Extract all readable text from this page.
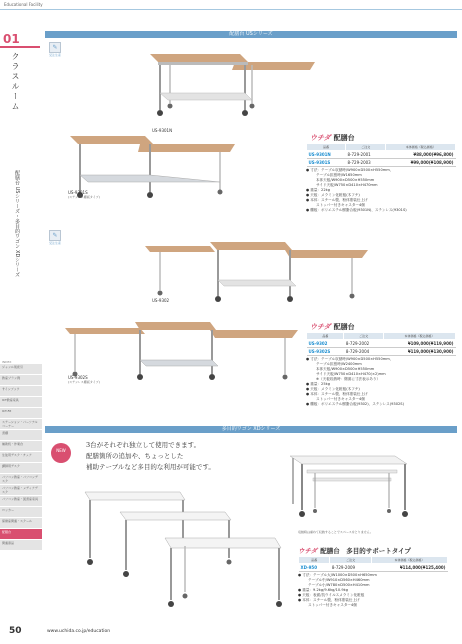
Educational Facility
01
クラスルーム
配膳台 USシリーズ・多目的ワゴン XDシリーズ
INDEX
ジャンル別索引
教室プラン例
サインブック
ICT教室家具
ICT-Fit
ステーション・パーソナルコーナー
書棚
補助机・作業台
生徒用デスク・チェア
講師用デスク
パソコン教室・パソコンデスク
パソコン教室・メディアデスク
パソコン教室・図書室家具
ロッカー
保健室関連・スクール
配膳台
関連商品
配膳台 USシリーズ
✎
受注生産
US-9301N
US-9301S
(ステンレス棚板タイプ)
ウチダ 配膳台
品番	ご注文	本体価格（税込価格）
US-9301N	8-729-2001	¥88,000(¥96,800)
US-9301S	8-729-2003	¥99,000(¥108,900)
● 寸法：テーブル収納時/W900×D500×H550mm、
テーブル拡張時/W1650mm
本体天板/W900×D500×H550mm
サイド天板/W750×D410×H470mm
● 重量：22kg
● 天板：メラミン化粧板(木フチ)
● 本体：スチール製、粉体塗装仕上げ
ストッパー付きキャスター4個
● 棚板：ポリエステル樹脂合板(9301N)、ステンレス(9301S)
✎
受注生産
US-9302
US-9302S
(ステンレス棚板タイプ)
ウチダ 配膳台
品番	ご注文	本体価格（税込価格）
US-9302	8-729-2002	¥109,000(¥119,900)
US-9302S	8-729-2004	¥119,000(¥130,900)
● 寸法：テーブル収納時/W900×D500×H550mm、
テーブル拡張時/W2400mm
本体天板/W900×D500×H550mm
サイド天板/W750×D410×H470(×2)mm
※（天板収納時：側面に寸法表示あり）
● 重量：25kg
● 天板：メラミン化粧板(木フチ)
● 本体：スチール製、粉体塗装仕上げ
ストッパー付きキャスター4個
● 棚板：ポリエステル樹脂合板(9302)、ステンレス(9302S)
多目的ワゴン XDシリーズ
NEW
3台がそれぞれ独立して使用できます。
配膳箇所の追加や、ちょっとした
補助テーブルなど多目的な利用が可能です。
収納時は重ねて収納することでスペースをとりません。
ウチダ 配膳台　多目的サポートタイプ
品番	ご注文	本体価格（税込価格）
XD-950	8-729-2009	¥114,000(¥125,400)
● 寸法：テーブル大/W1000×D500×H650mm
テーブル中/W910×D560×H460mm
テーブル小/W780×D500×H410mm
● 重量：9.2kg/9.6kg/10.9kg
● 天板：表面/抗ウイルスメラミン化粧板
● 本体：スチール製、粉体塗装仕上げ
ストッパー付きキャスター4個
50	www.uchida.co.jp/education
